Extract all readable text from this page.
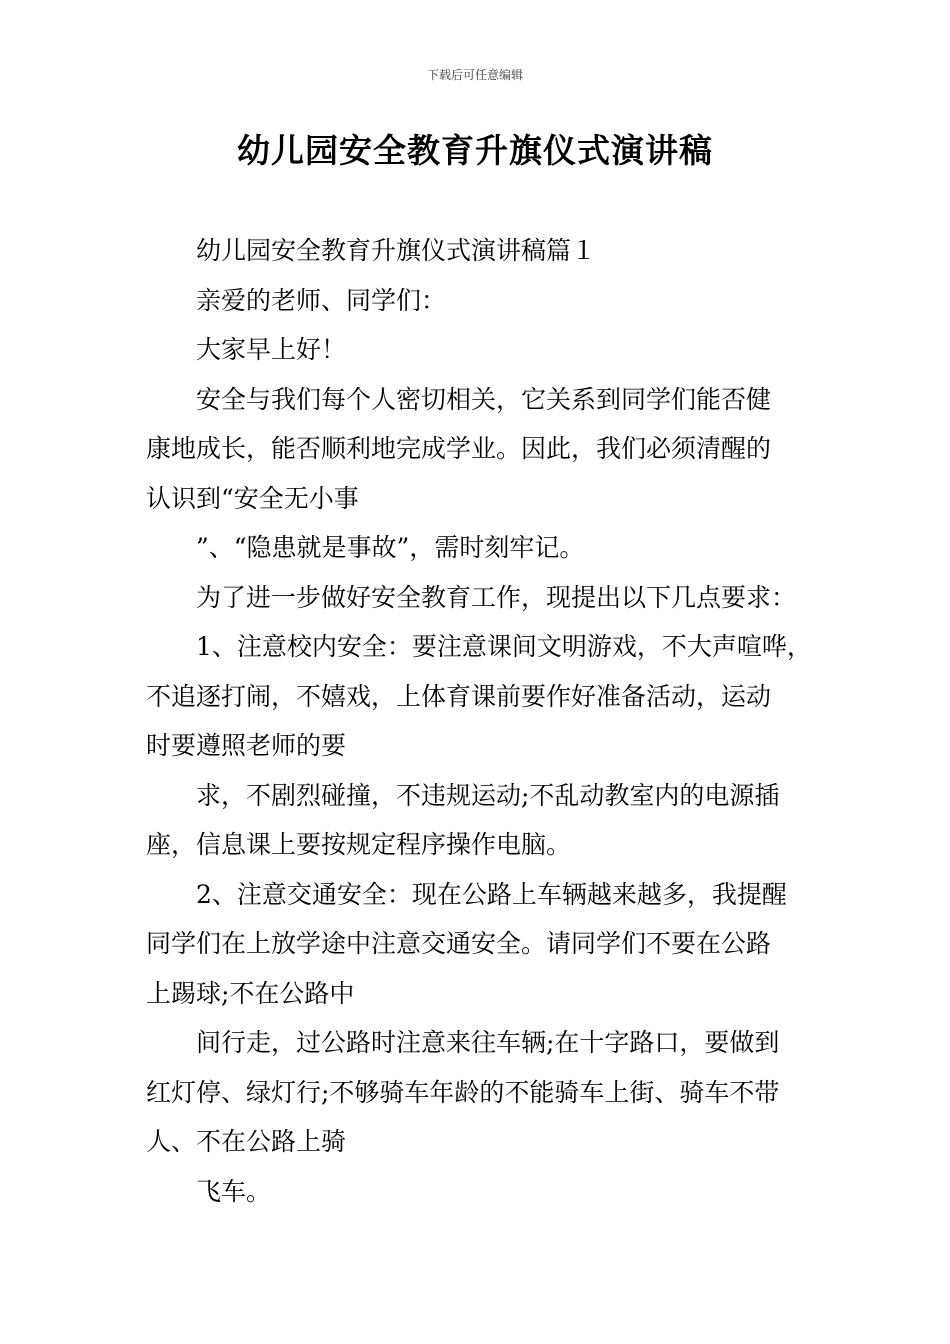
下载后可任意编辑
幼儿园安全教育升旗仪式演讲稿

幼儿园安全教育升旗仪式演讲稿篇１

亲爱的老师、同学们：

大家早上好！

安全与我们每个人密切相关，它关系到同学们能否健
康地成长，能否顺利地完成学业。因此，我们必须清醒的
认识到“安全无小事

”、“隐患就是事故”，需时刻牢记。

为了进一步做好安全教育工作，现提出以下几点要求：

1、注意校内安全：要注意课间文明游戏，不大声喧哗，
不追逐打闹，不嬉戏，上体育课前要作好准备活动，运动
时要遵照老师的要

求，不剧烈碰撞，不违规运动;不乱动教室内的电源插
座，信息课上要按规定程序操作电脑。

2、注意交通安全：现在公路上车辆越来越多，我提醒
同学们在上放学途中注意交通安全。请同学们不要在公路
上踢球;不在公路中

间行走，过公路时注意来往车辆;在十字路口，要做到
红灯停、绿灯行;不够骑车年龄的不能骑车上街、骑车不带
人、不在公路上骑

飞车。
